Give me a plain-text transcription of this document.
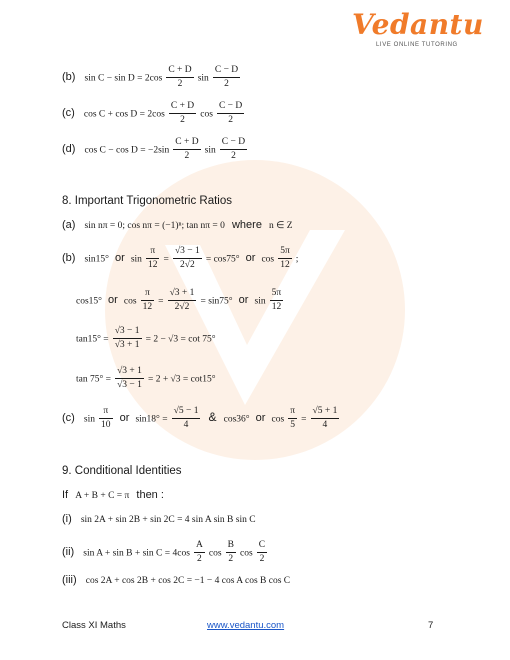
Vedantu
LIVE ONLINE TUTORING
(b) $\sin C - \sin D = 2\cos \frac{C + D}{2}$ $\sin \frac{C - D}{2}$
(c) $\cos C + \cos D = 2\cos \frac{C + D}{2}$ $\cos \frac{C - D}{2}$
(d) $\cos C - \cos D = -2\sin \frac{C + D}{2}$ $\sin \frac{C - D}{2}$
8. Important Trigonometric Ratios
(a) sin nπ = 0; cos nπ = (−1)ⁿ; tan nπ = 0 where n ∈ Z
(b) sin15° or $\sin \frac{\pi}{12} = \frac{√3 - 1}{2√2} = \cos 75^\circ$ or $\cos \frac{5\pi}{12}$ ;
cos15° or $\cos \frac{\pi}{12} = \frac{√3 + 1}{2√2} = \sin 75^\circ$ or $\sin \frac{5\pi}{12}$
$\tan 15^\circ = \frac{√3 - 1}{√3 + 1} = 2 - √3 = \cot 75^\circ$
$\tan 75^\circ = \frac{√3 + 1}{√3 - 1} = 2 + √3 = \cot 15^\circ$
(c) $\sin \frac{\pi}{10}$ or $\sin 18^\circ = \frac{√5 - 1}{4}$ & cos36° or $\cos \frac{\pi}{5} = \frac{√5 + 1}{4}$
9. Conditional Identities
If A + B + C = π then :
(i) sin 2A + sin 2B + sin 2C = 4 sin A sin B sin C
(ii) $\sin A + \sin B + \sin C = 4\cos \frac{A}{2}$ $\cos \frac{B}{2}$ $\cos \frac{C}{2}$
(iii) cos 2A + cos 2B + cos 2C = −1 − 4 cos A cos B cos C
Class XI Maths	www.vedantu.com	7
